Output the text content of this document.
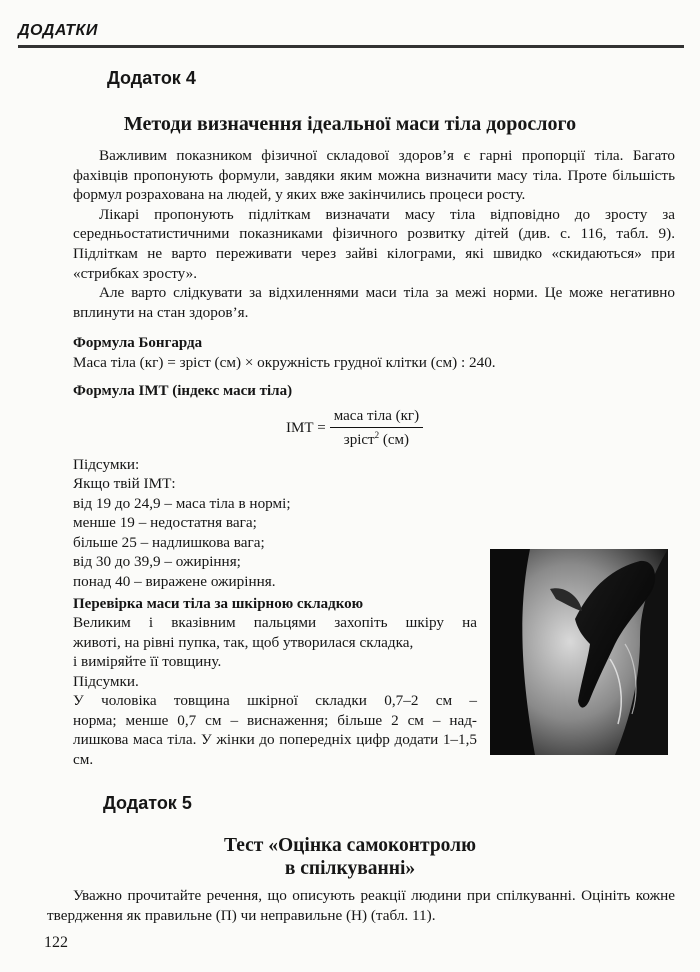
ДОДАТКИ
Додаток 4
Методи визначення ідеальної маси тіла дорослого

Важливим показником фізичної складової здоров’я є гарні пропорції тіла. Багато фахівців пропонують формули, завдяки яким можна визначити масу тіла. Проте більшість формул розрахована на людей, у яких вже закінчились процеси росту.

Лікарі пропонують підліткам визначати масу тіла відповідно до зросту за середньостатистичними показниками фізичного розвитку дітей (див. с. 116, табл. 9). Підліткам не варто переживати через зайві кілограми, які швидко «скидаються» при «стрибках зросту».

Але варто слідкувати за відхиленнями маси тіла за межі норми. Це може негативно вплинути на стан здоров’я.

Формула Бонгарда
Маса тіла (кг) = зріст (см) × окружність грудної клітки (см) : 240.
Формула ІМТ (індекс маси тіла)
ІМТ = $\frac{\text{маса тіла (кг)}}{зріст^2 (см)}$
Підсумки:
Якщо твій ІМТ:
від 19 до 24,9 – маса тіла в нормі;
менше 19 – недостатня вага;
більше 25 – надлишкова вага;
від 30 до 39,9 – ожиріння;
понад 40 – виражене ожиріння.
Перевірка маси тіла за шкірною складкою
Великим і вказівним пальцями захопіть шкіру на
животі, на рівні пупка, так, щоб утворилася складка,
і виміряйте її товщину.
Підсумки.
У чоловіка товщина шкірної складки 0,7–2 см –
норма; менше 0,7 см – виснаження; більше 2 см – над-
лишкова маса тіла. У жінки до попередніх цифр додати 1–1,5 см.
Додаток 5
Тест «Оцінка самоконтролю
в спілкуванні»

Уважно прочитайте речення, що описують реакції людини при спілкуванні. Оцініть кожне твердження як правильне (П) чи неправильне (Н) (табл. 11).

122
